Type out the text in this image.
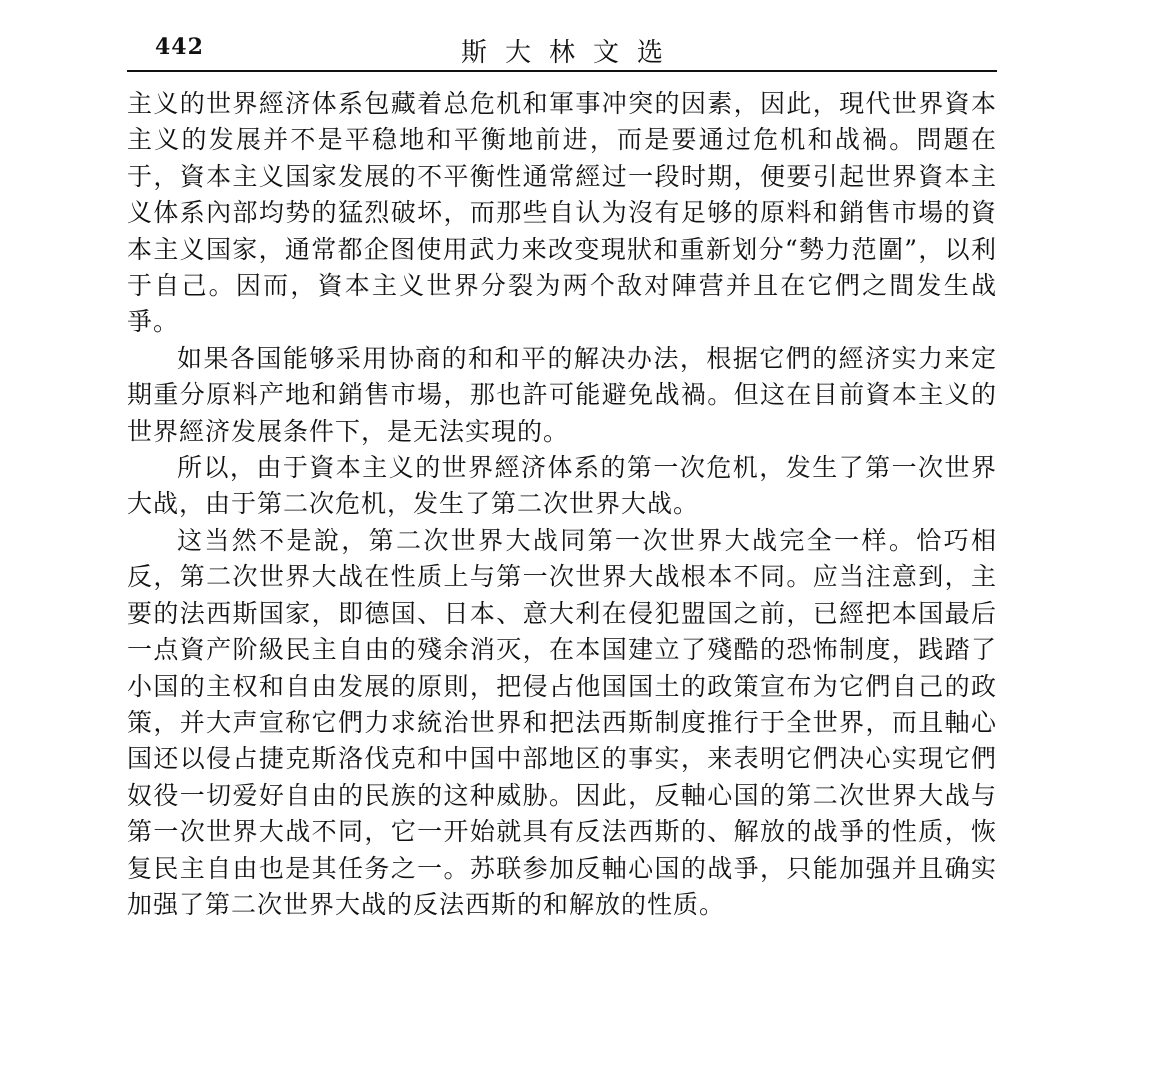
442	斯大林文选

主义的世界經济体系包藏着总危机和軍事冲突的因素，因此，現代世界資本主义的发展并不是平稳地和平衡地前进，而是要通过危机和战禍。問題在于，資本主义国家发展的不平衡性通常經过一段时期，便要引起世界資本主义体系內部均势的猛烈破坏，而那些自认为沒有足够的原料和銷售市場的資本主义国家，通常都企图使用武力来改变現狀和重新划分“勢力范圍”，以利于自己。因而，資本主义世界分裂为两个敌对陣营并且在它們之間发生战爭。

如果各国能够采用协商的和和平的解决办法，根据它們的經济实力来定期重分原料产地和銷售市場，那也許可能避免战禍。但这在目前資本主义的世界經济发展条件下，是无法实現的。

所以，由于資本主义的世界經济体系的第一次危机，发生了第一次世界大战，由于第二次危机，发生了第二次世界大战。

这当然不是說，第二次世界大战同第一次世界大战完全一样。恰巧相反，第二次世界大战在性质上与第一次世界大战根本不同。应当注意到，主要的法西斯国家，即德国、日本、意大利在侵犯盟国之前，已經把本国最后一点資产阶級民主自由的殘余消灭，在本国建立了殘酷的恐怖制度，践踏了小国的主权和自由发展的原則，把侵占他国国土的政策宣布为它們自己的政策，并大声宣称它們力求統治世界和把法西斯制度推行于全世界，而且軸心国还以侵占捷克斯洛伐克和中国中部地区的事实，来表明它們决心实現它們奴役一切爱好自由的民族的这种威胁。因此，反軸心国的第二次世界大战与第一次世界大战不同，它一开始就具有反法西斯的、解放的战爭的性质，恢复民主自由也是其任务之一。苏联参加反軸心国的战爭，只能加强并且确实加强了第二次世界大战的反法西斯的和解放的性质。
